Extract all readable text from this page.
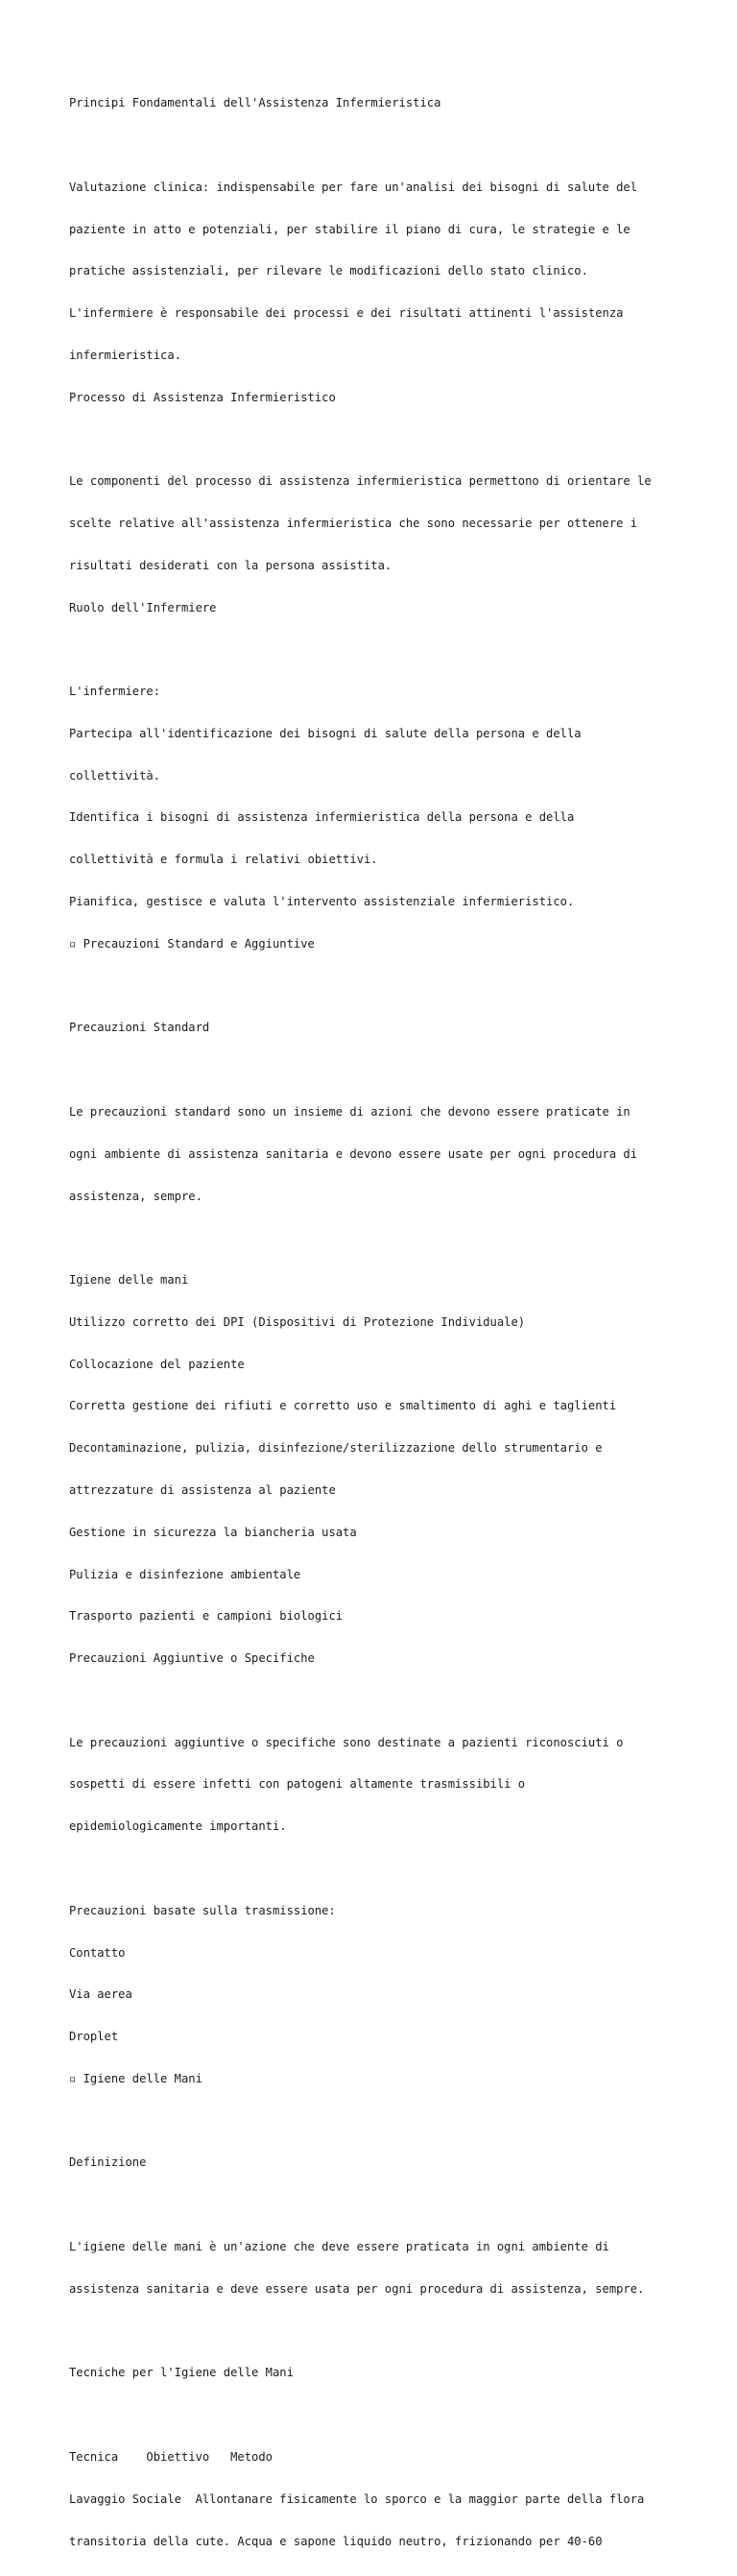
Principi Fondamentali dell'Assistenza Infermieristica

Valutazione clinica: indispensabile per fare un'analisi dei bisogni di salute del

paziente in atto e potenziali, per stabilire il piano di cura, le strategie e le

pratiche assistenziali, per rilevare le modificazioni dello stato clinico.

L'infermiere è responsabile dei processi e dei risultati attinenti l'assistenza

infermieristica.

Processo di Assistenza Infermieristico

Le componenti del processo di assistenza infermieristica permettono di orientare le

scelte relative all'assistenza infermieristica che sono necessarie per ottenere i

risultati desiderati con la persona assistita.

Ruolo dell'Infermiere

L'infermiere:

Partecipa all'identificazione dei bisogni di salute della persona e della

collettività.

Identifica i bisogni di assistenza infermieristica della persona e della

collettività e formula i relativi obiettivi.

Pianifica, gestisce e valuta l'intervento assistenziale infermieristico.

▫ Precauzioni Standard e Aggiuntive

Precauzioni Standard

Le precauzioni standard sono un insieme di azioni che devono essere praticate in

ogni ambiente di assistenza sanitaria e devono essere usate per ogni procedura di

assistenza, sempre.

Igiene delle mani

Utilizzo corretto dei DPI (Dispositivi di Protezione Individuale)

Collocazione del paziente

Corretta gestione dei rifiuti e corretto uso e smaltimento di aghi e taglienti

Decontaminazione, pulizia, disinfezione/sterilizzazione dello strumentario e

attrezzature di assistenza al paziente

Gestione in sicurezza la biancheria usata

Pulizia e disinfezione ambientale

Trasporto pazienti e campioni biologici

Precauzioni Aggiuntive o Specifiche

Le precauzioni aggiuntive o specifiche sono destinate a pazienti riconosciuti o

sospetti di essere infetti con patogeni altamente trasmissibili o

epidemiologicamente importanti.

Precauzioni basate sulla trasmissione:

Contatto

Via aerea

Droplet

▫ Igiene delle Mani

Definizione

L'igiene delle mani è un'azione che deve essere praticata in ogni ambiente di

assistenza sanitaria e deve essere usata per ogni procedura di assistenza, sempre.

Tecniche per l'Igiene delle Mani

Tecnica    Obiettivo   Metodo

Lavaggio Sociale  Allontanare fisicamente lo sporco e la maggior parte della flora

transitoria della cute. Acqua e sapone liquido neutro, frizionando per 40-60
